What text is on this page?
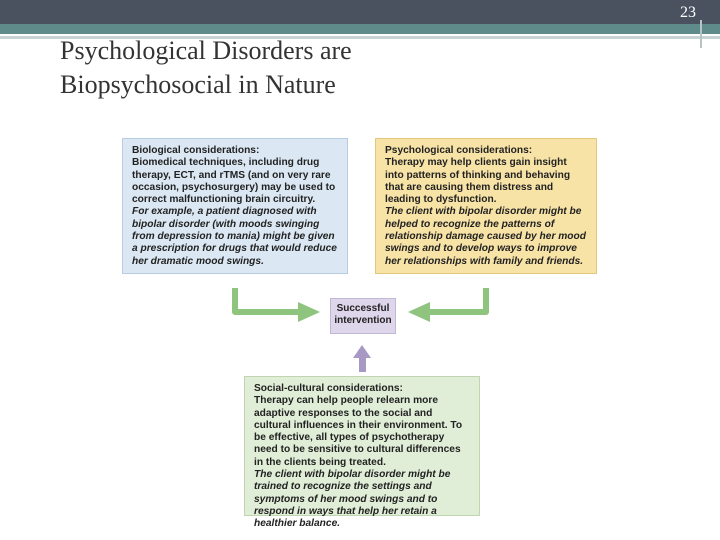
23
Psychological Disorders are
Biopsychosocial in Nature
Biological considerations:
Biomedical techniques, including drug therapy, ECT, and rTMS (and on very rare occasion, psychosurgery) may be used to correct malfunctioning brain circuitry.
For example, a patient diagnosed with bipolar disorder (with moods swinging from depression to mania) might be given a prescription for drugs that would reduce her dramatic mood swings.
Psychological considerations:
Therapy may help clients gain insight into patterns of thinking and behaving that are causing them distress and leading to dysfunction.
The client with bipolar disorder might be helped to recognize the patterns of relationship damage caused by her mood swings and to develop ways to improve her relationships with family and friends.
Successful
intervention
Social-cultural considerations:
Therapy can help people relearn more adaptive responses to the social and cultural influences in their environment. To be effective, all types of psychotherapy need to be sensitive to cultural differences in the clients being treated.
The client with bipolar disorder might be trained to recognize the settings and symptoms of her mood swings and to respond in ways that help her retain a healthier balance.
